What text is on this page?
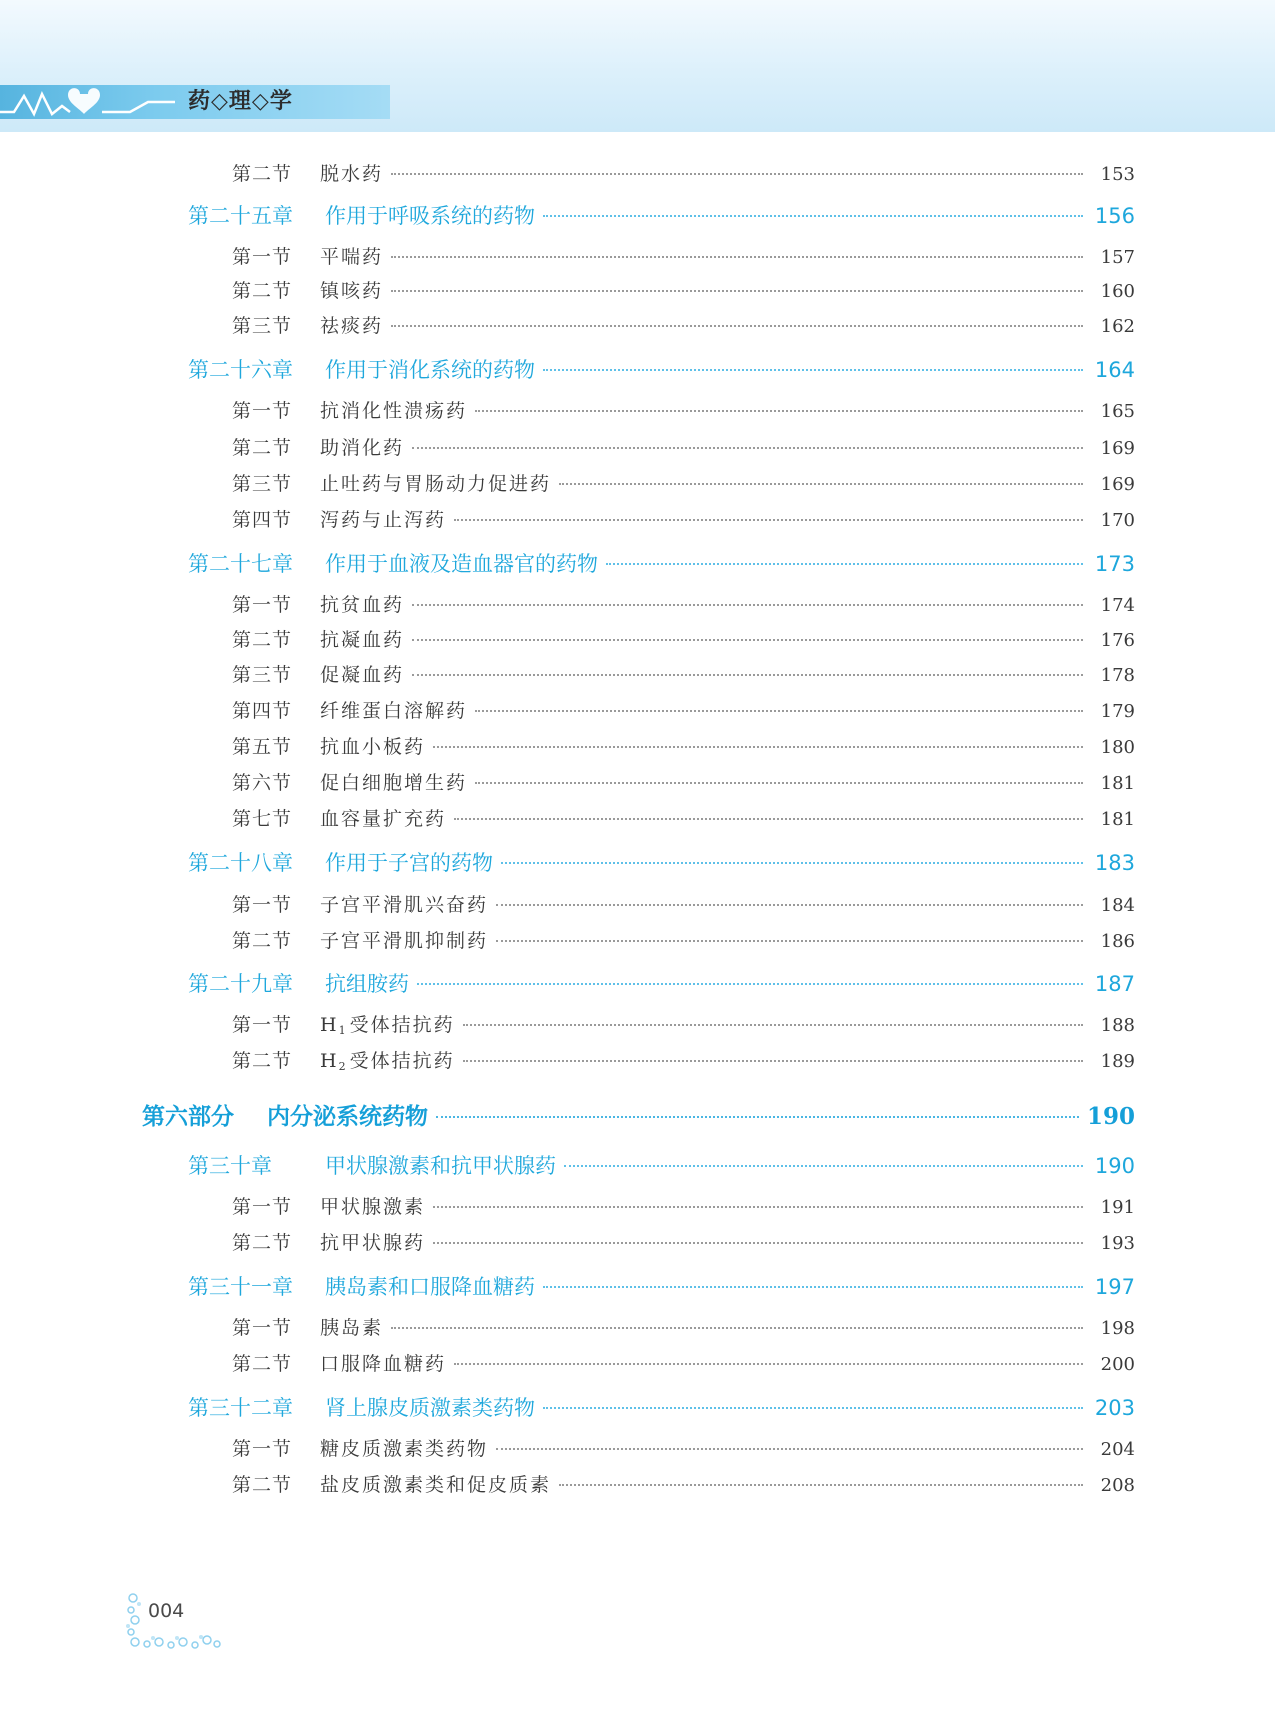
药◇理◇学
第二节	脱水药	153
第二十五章	作用于呼吸系统的药物	156
第一节	平喘药	157
第二节	镇咳药	160
第三节	祛痰药	162
第二十六章	作用于消化系统的药物	164
第一节	抗消化性溃疡药	165
第二节	助消化药	169
第三节	止吐药与胃肠动力促进药	169
第四节	泻药与止泻药	170
第二十七章	作用于血液及造血器官的药物	173
第一节	抗贫血药	174
第二节	抗凝血药	176
第三节	促凝血药	178
第四节	纤维蛋白溶解药	179
第五节	抗血小板药	180
第六节	促白细胞增生药	181
第七节	血容量扩充药	181
第二十八章	作用于子宫的药物	183
第一节	子宫平滑肌兴奋药	184
第二节	子宫平滑肌抑制药	186
第二十九章	抗组胺药	187
第一节	$H_1$ 受体拮抗药	188
第二节	$H_2$ 受体拮抗药	189
第六部分	内分泌系统药物	190
第三十章	甲状腺激素和抗甲状腺药	190
第一节	甲状腺激素	191
第二节	抗甲状腺药	193
第三十一章	胰岛素和口服降血糖药	197
第一节	胰岛素	198
第二节	口服降血糖药	200
第三十二章	肾上腺皮质激素类药物	203
第一节	糖皮质激素类药物	204
第二节	盐皮质激素类和促皮质素	208
004
